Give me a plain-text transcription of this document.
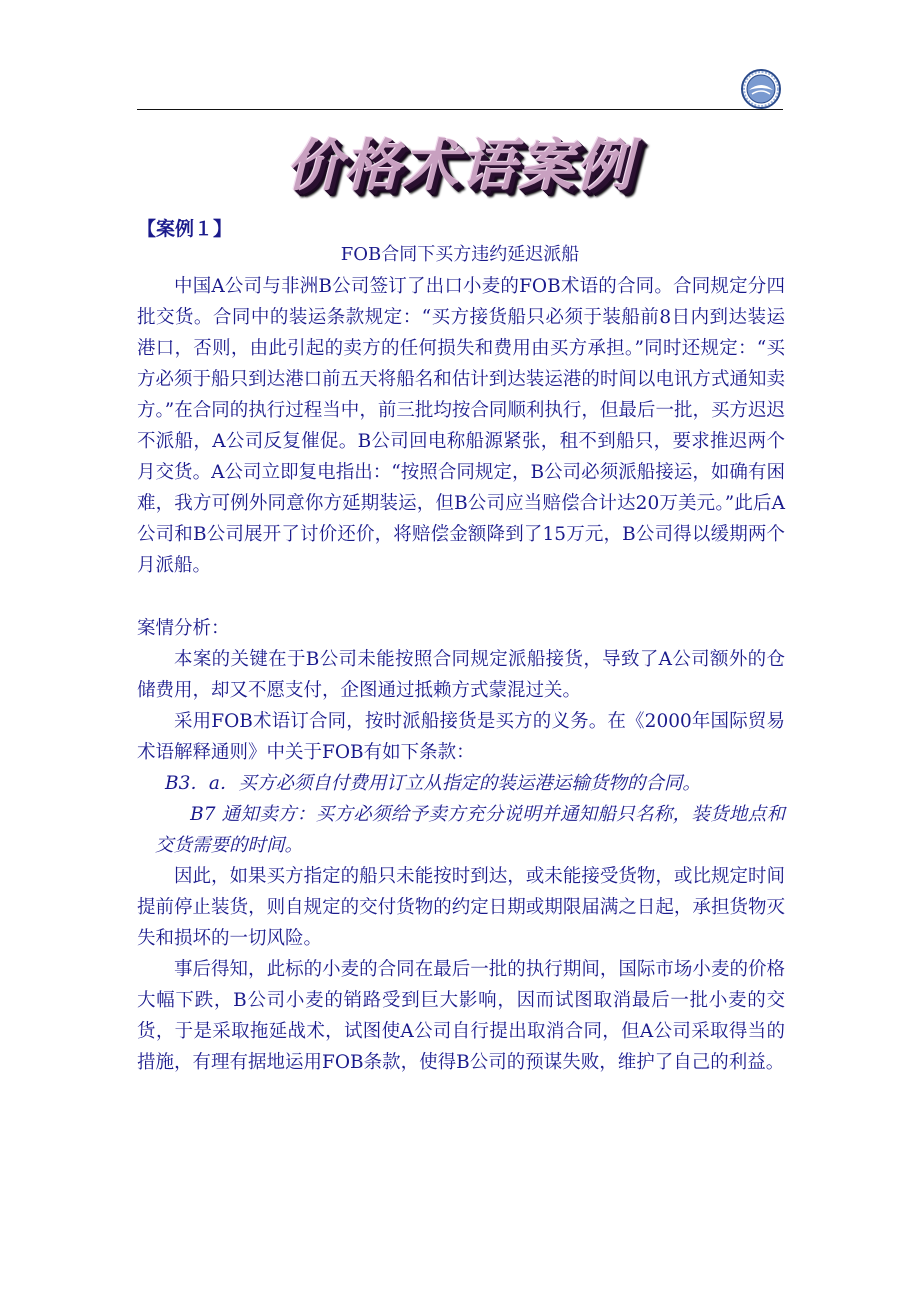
价格术语案例
【案例１】
FOB合同下买方违约延迟派船
中国A公司与非洲B公司签订了出口小麦的FOB术语的合同。合同规定分四批交货。合同中的装运条款规定：“买方接货船只必须于装船前8日内到达装运港口，否则，由此引起的卖方的任何损失和费用由买方承担。”同时还规定：“买方必须于船只到达港口前五天将船名和估计到达装运港的时间以电讯方式通知卖方。”在合同的执行过程当中，前三批均按合同顺利执行，但最后一批，买方迟迟不派船，A公司反复催促。B公司回电称船源紧张，租不到船只，要求推迟两个月交货。A公司立即复电指出：“按照合同规定，B公司必须派船接运，如确有困难，我方可例外同意你方延期装运，但B公司应当赔偿合计达20万美元。”此后A公司和B公司展开了讨价还价，将赔偿金额降到了15万元，B公司得以缓期两个月派船。
案情分析：
本案的关键在于B公司未能按照合同规定派船接货，导致了A公司额外的仓储费用，却又不愿支付，企图通过抵赖方式蒙混过关。
采用FOB术语订合同，按时派船接货是买方的义务。在《2000年国际贸易术语解释通则》中关于FOB有如下条款：
B3．a．买方必须自付费用订立从指定的装运港运输货物的合同。
B7 通知卖方：买方必须给予卖方充分说明并通知船只名称，装货地点和交货需要的时间。
因此，如果买方指定的船只未能按时到达，或未能接受货物，或比规定时间提前停止装货，则自规定的交付货物的约定日期或期限届满之日起，承担货物灭失和损坏的一切风险。
事后得知，此标的小麦的合同在最后一批的执行期间，国际市场小麦的价格大幅下跌，B公司小麦的销路受到巨大影响，因而试图取消最后一批小麦的交货，于是采取拖延战术，试图使A公司自行提出取消合同，但A公司采取得当的措施，有理有据地运用FOB条款，使得B公司的预谋失败，维护了自己的利益。
